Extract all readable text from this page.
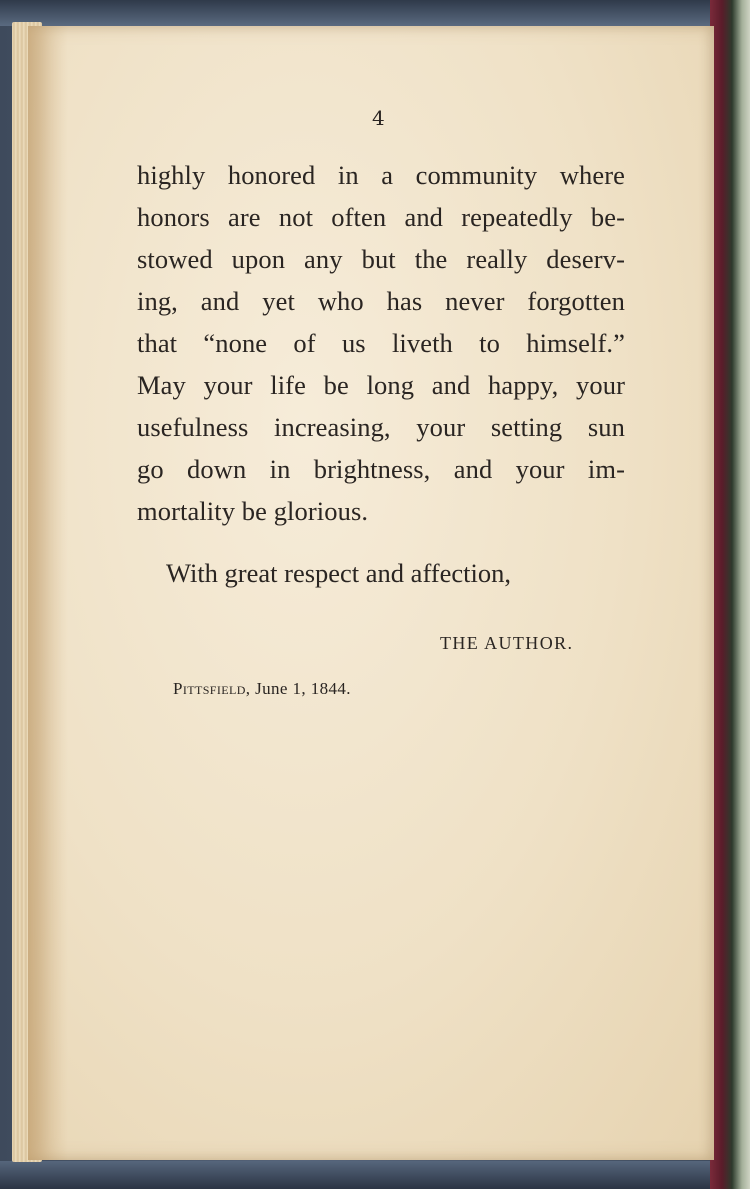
4
highly honored in a community where
honors are not often and repeatedly be-
stowed upon any but the really deserv-
ing, and yet who has never forgotten
that “none of us liveth to himself.”
May your life be long and happy, your
usefulness increasing, your setting sun
go down in brightness, and your im-
mortality be glorious.
With great respect and affection,
THE AUTHOR.
Pittsfield, June 1, 1844.
